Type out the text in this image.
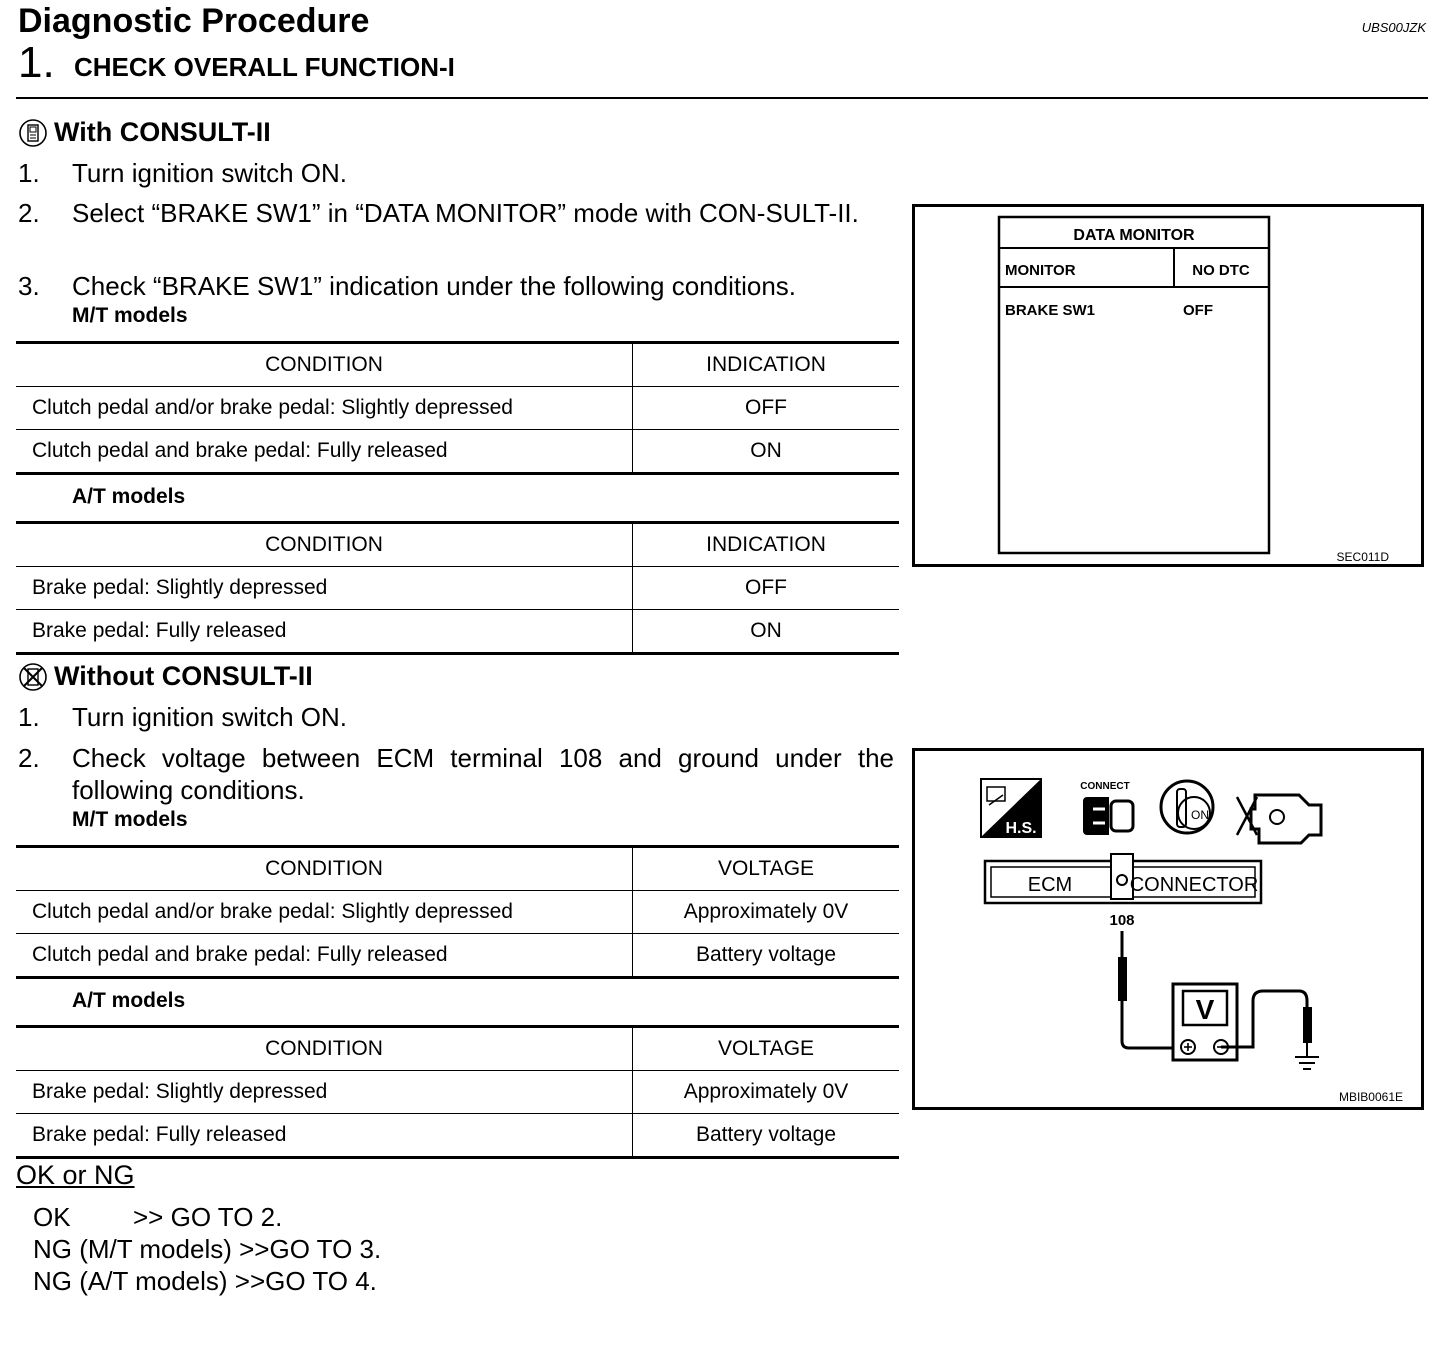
Diagnostic Procedure	UBS00JZK
1. CHECK OVERALL FUNCTION-I
With CONSULT-II
1.	Turn ignition switch ON.
2.	Select “BRAKE SW1” in “DATA MONITOR” mode with CON-SULT-II.
3.	Check “BRAKE SW1” indication under the following conditions.
M/T models
CONDITION	INDICATION
Clutch pedal and/or brake pedal: Slightly depressed	OFF
Clutch pedal and brake pedal: Fully released	ON
A/T models
CONDITION	INDICATION
Brake pedal: Slightly depressed	OFF
Brake pedal: Fully released	ON
Without CONSULT-II
1.	Turn ignition switch ON.
2.	Check voltage between ECM terminal 108 and ground under the following conditions.
M/T models
CONDITION	VOLTAGE
Clutch pedal and/or brake pedal: Slightly depressed	Approximately 0V
Clutch pedal and brake pedal: Fully released	Battery voltage
A/T models
CONDITION	VOLTAGE
Brake pedal: Slightly depressed	Approximately 0V
Brake pedal: Fully released	Battery voltage
OK or NG
OK >> GO TO 2.
NG (M/T models) >>GO TO 3.
NG (A/T models) >>GO TO 4.
DATA MONITOR
MONITOR	NO DTC
BRAKE SW1	OFF
SEC011D
H.S.
CONNECT
ON
ECM	CONNECTOR
108
V
MBIB0061E
